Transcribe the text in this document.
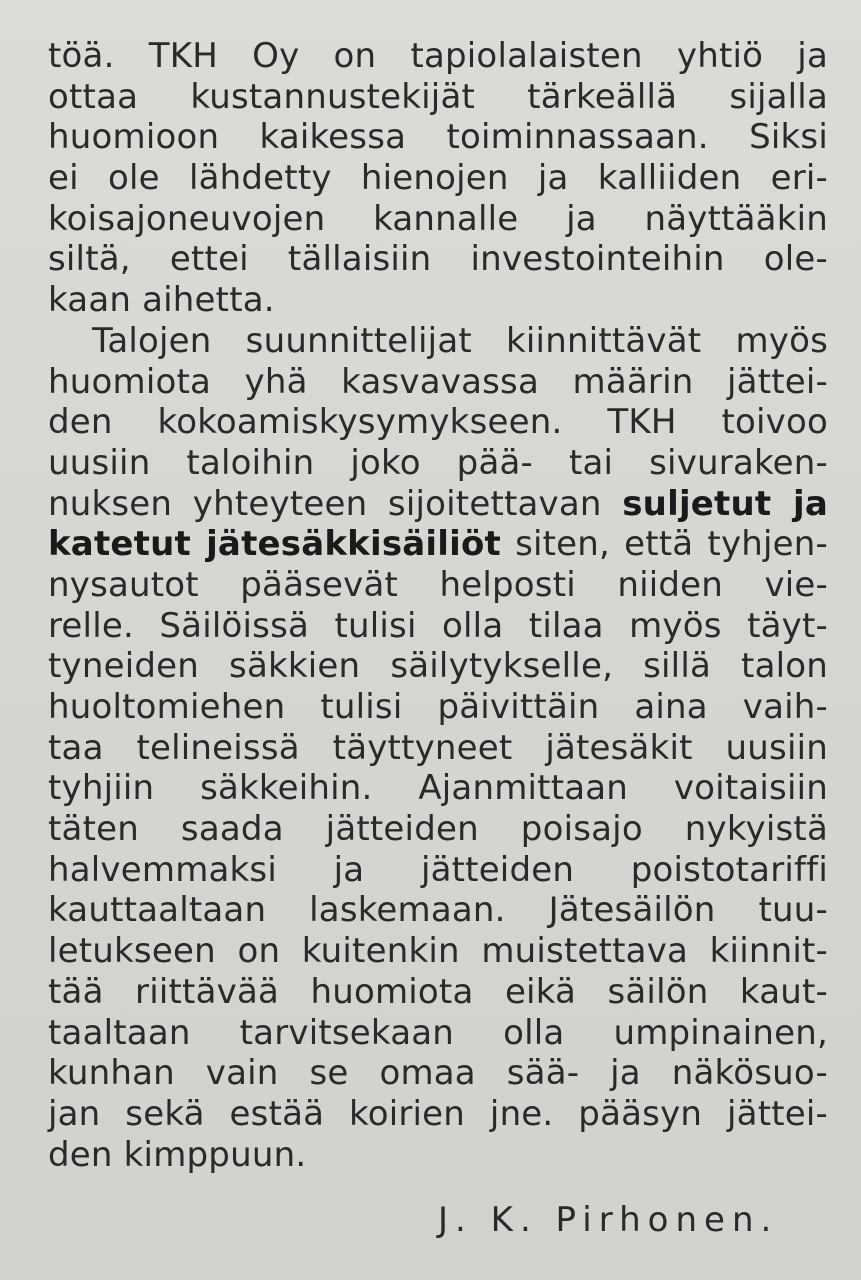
töä. TKH Oy on tapiolalaisten yhtiö ja
ottaa kustannustekijät tärkeällä sijalla
huomioon kaikessa toiminnassaan. Siksi
ei ole lähdetty hienojen ja kalliiden eri-
koisajoneuvojen kannalle ja näyttääkin
siltä, ettei tällaisiin investointeihin ole-
kaan aihetta.
Talojen suunnittelijat kiinnittävät myös
huomiota yhä kasvavassa määrin jättei-
den kokoamiskysymykseen. TKH toivoo
uusiin taloihin joko pää- tai sivuraken-
nuksen yhteyteen sijoitettavan suljetut ja
katetut jätesäkkisäiliöt siten, että tyhjen-
nysautot pääsevät helposti niiden vie-
relle. Säilöissä tulisi olla tilaa myös täyt-
tyneiden säkkien säilytykselle, sillä talon
huoltomiehen tulisi päivittäin aina vaih-
taa telineissä täyttyneet jätesäkit uusiin
tyhjiin säkkeihin. Ajanmittaan voitaisiin
täten saada jätteiden poisajo nykyistä
halvemmaksi ja jätteiden poistotariffi
kauttaaltaan laskemaan. Jätesäilön tuu-
letukseen on kuitenkin muistettava kiinnit-
tää riittävää huomiota eikä säilön kaut-
taaltaan tarvitsekaan olla umpinainen,
kunhan vain se omaa sää- ja näkösuo-
jan sekä estää koirien jne. pääsyn jättei-
den kimppuun.
J. K. Pirhonen.
